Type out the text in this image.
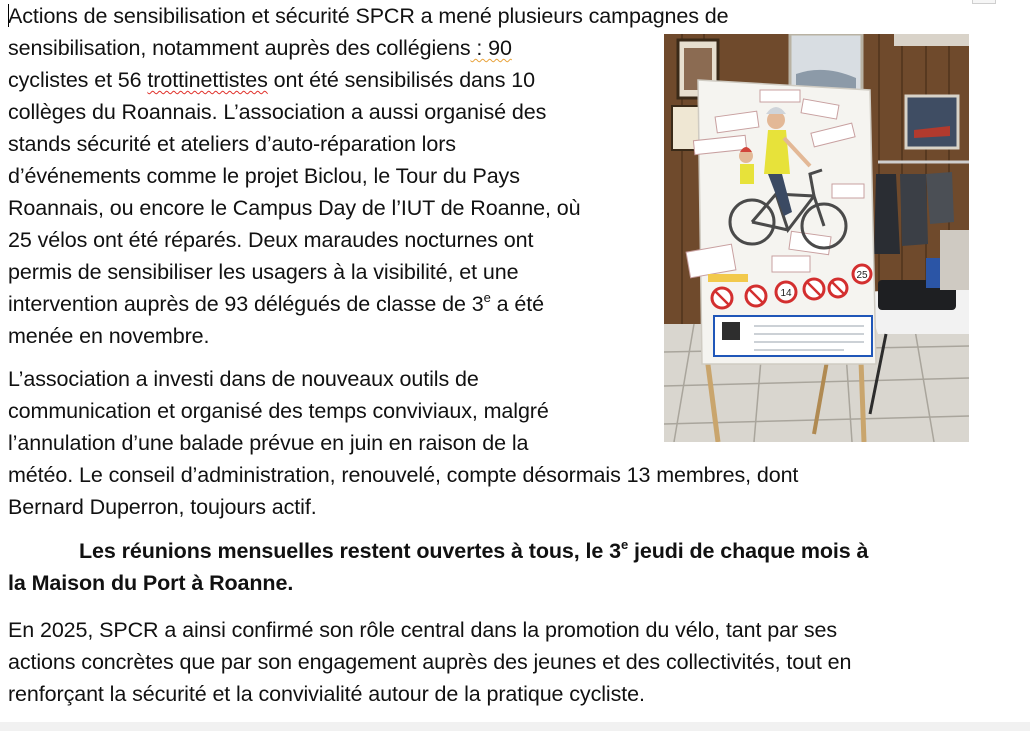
Actions de sensibilisation et sécurité SPCR a mené plusieurs campagnes de
sensibilisation, notamment auprès des collégiens : 90
cyclistes et 56 trottinettistes ont été sensibilisés dans 10
collèges du Roannais. L’association a aussi organisé des
stands sécurité et ateliers d’auto-réparation lors
d’événements comme le projet Biclou, le Tour du Pays
Roannais, ou encore le Campus Day de l’IUT de Roanne, où
25 vélos ont été réparés. Deux maraudes nocturnes ont
permis de sensibiliser les usagers à la visibilité, et une
intervention auprès de 93 délégués de classe de 3e a été
menée en novembre.

L’association a investi dans de nouveaux outils de
communication et organisé des temps conviviaux, malgré
l’annulation d’une balade prévue en juin en raison de la
météo. Le conseil d’administration, renouvelé, compte désormais 13 membres, dont
Bernard Duperron, toujours actif.

Les réunions mensuelles restent ouvertes à tous, le 3e jeudi de chaque mois à
la Maison du Port à Roanne.

En 2025, SPCR a ainsi confirmé son rôle central dans la promotion du vélo, tant par ses
actions concrètes que par son engagement auprès des jeunes et des collectivités, tout en
renforçant la sécurité et la convivialité autour de la pratique cycliste.

14
25
